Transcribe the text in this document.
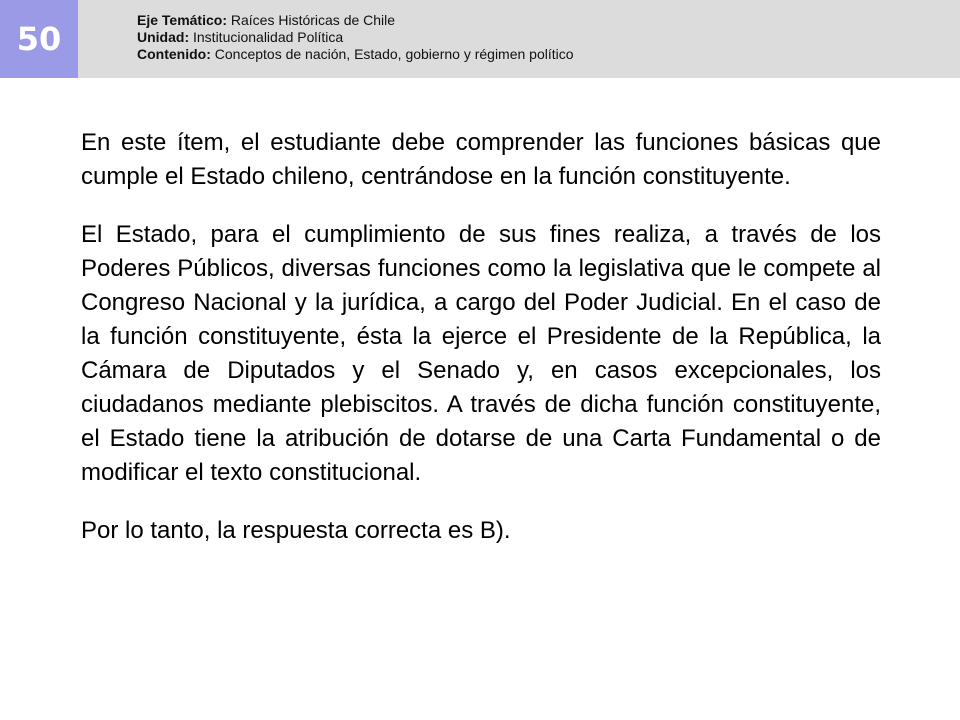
50	Eje Temático: Raíces Históricas de Chile
Unidad: Institucionalidad Política
Contenido: Conceptos de nación, Estado, gobierno y régimen político

En este ítem, el estudiante debe comprender las funciones básicas que cumple el Estado chileno, centrándose en la función constituyente.

El Estado, para el cumplimiento de sus fines realiza, a través de los Poderes Públicos, diversas funciones como la legislativa que le compete al Congreso Nacional y la jurídica, a cargo del Poder Judicial. En el caso de la función constituyente, ésta la ejerce el Presidente de la República, la Cámara de Diputados y el Senado y, en casos excepcionales, los ciudadanos mediante plebiscitos. A través de dicha función constituyente, el Estado tiene la atribución de dotarse de una Carta Fundamental o de modificar el texto constitucional.

Por lo tanto, la respuesta correcta es B).
